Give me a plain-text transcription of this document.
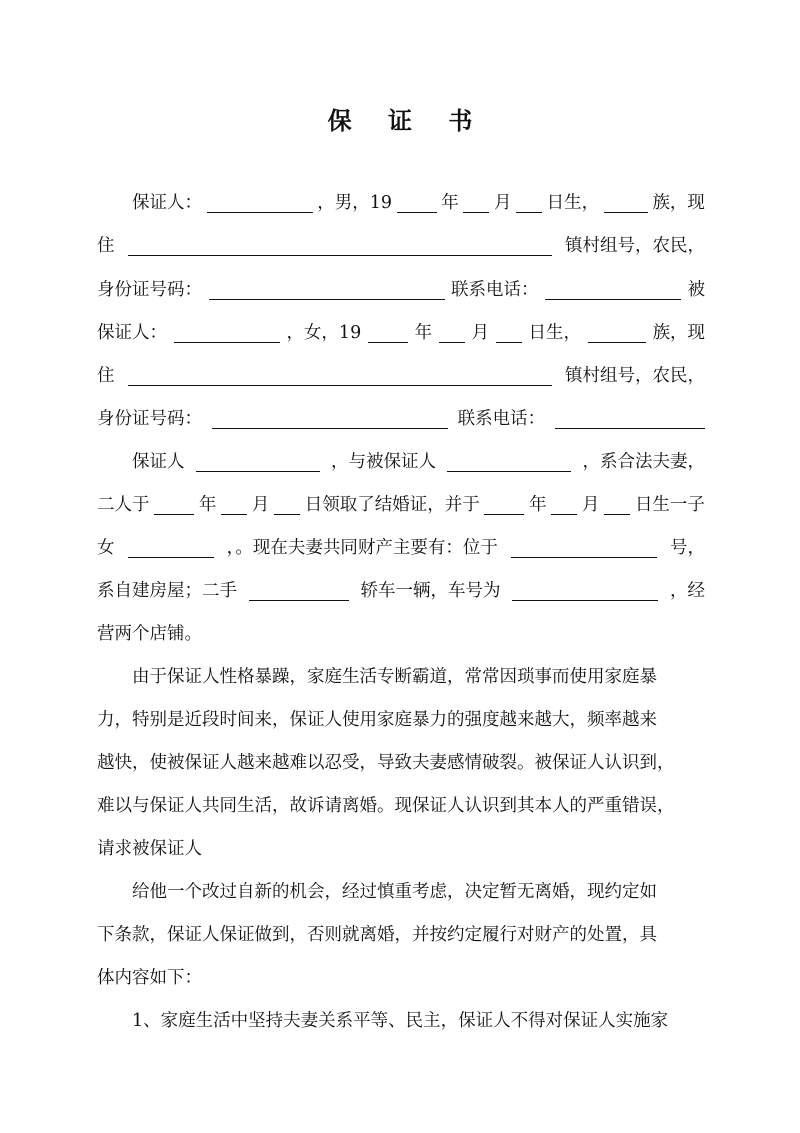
保 证 书
保证人：	，男，19	年 月 日生，	族，现
住	镇村组号，农民，
身份证号码：	联系电话：	被
保证人：	，女，19	年 月 日生，	族，现
住	镇村组号，农民，
身份证号码：	联系电话：
保证人	，与被保证人	，系合法夫妻，
二人于	年 月 日领取了结婚证，并于	年 月 日生一子
女	，。现在夫妻共同财产主要有：位于	号，
系自建房屋；二手	轿车一辆，车号为	，经
营两个店铺。
由于保证人性格暴躁，家庭生活专断霸道，常常因琐事而使用家庭暴
力，特别是近段时间来，保证人使用家庭暴力的强度越来越大，频率越来
越快，使被保证人越来越难以忍受，导致夫妻感情破裂。被保证人认识到，
难以与保证人共同生活，故诉请离婚。现保证人认识到其本人的严重错误，
请求被保证人
给他一个改过自新的机会，经过慎重考虑，决定暂无离婚，现约定如
下条款，保证人保证做到，否则就离婚，并按约定履行对财产的处置，具
体内容如下：
1、家庭生活中坚持夫妻关系平等、民主，保证人不得对保证人实施家
